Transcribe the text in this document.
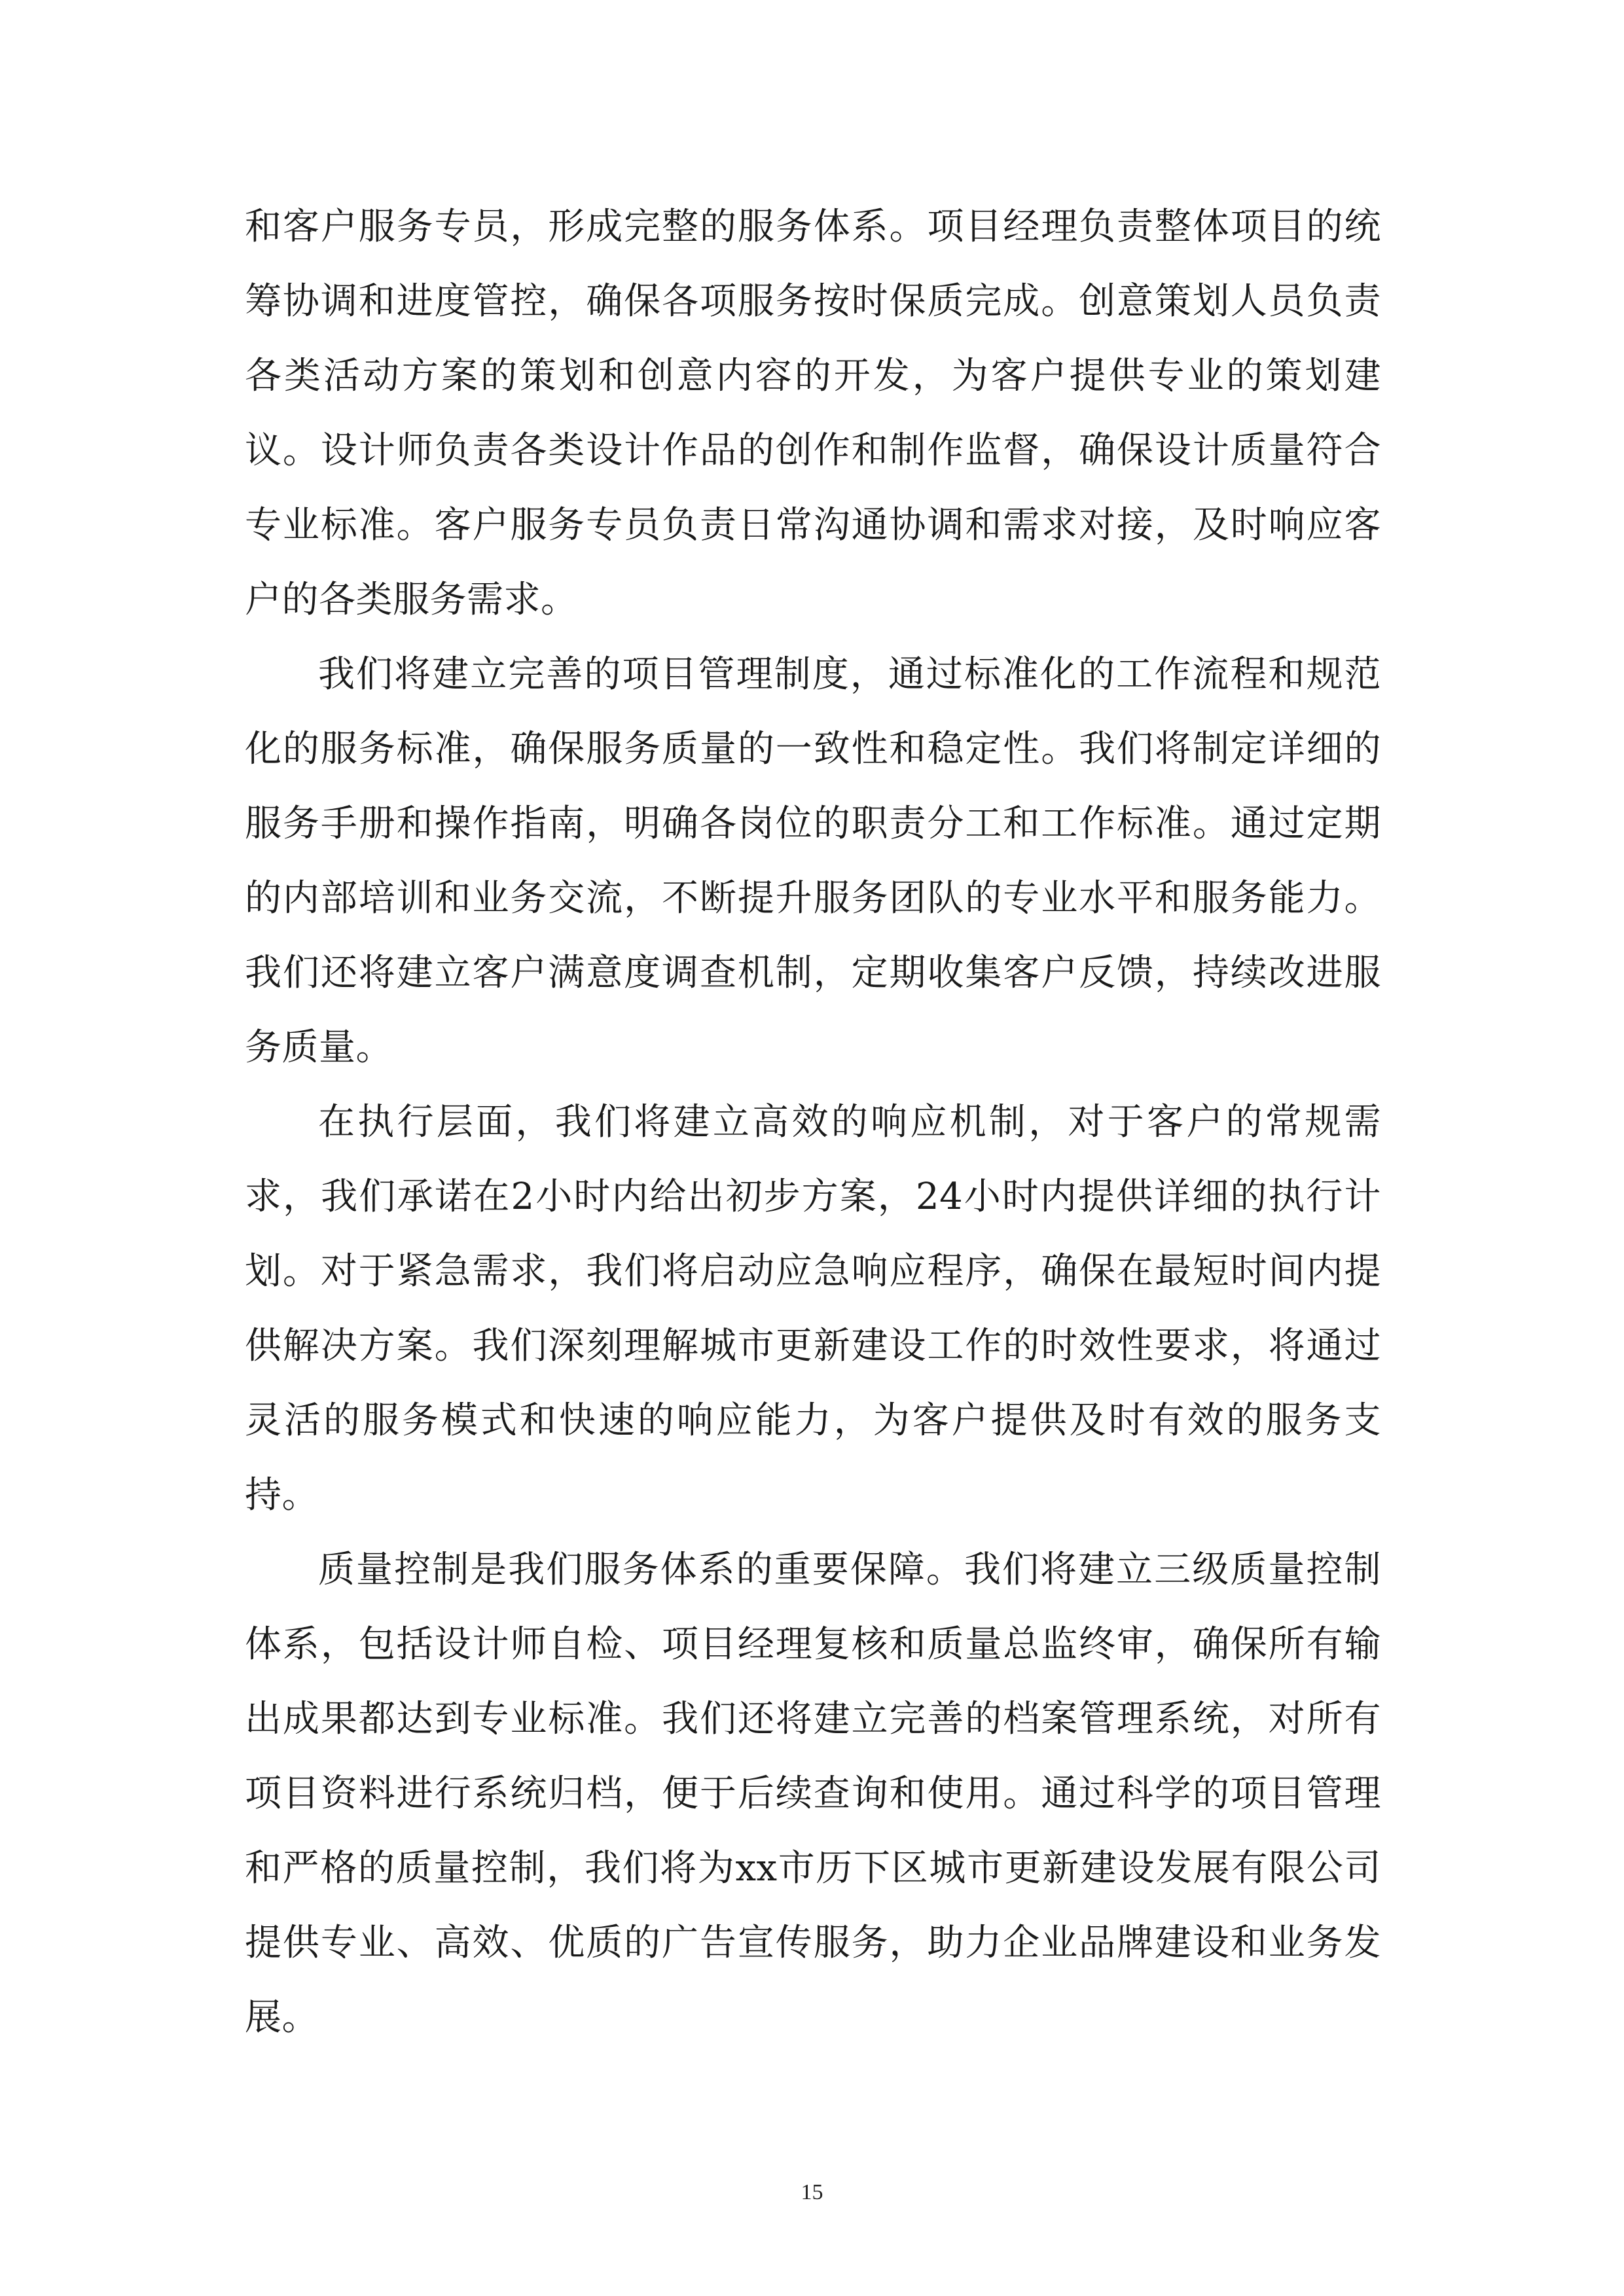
和客户服务专员，形成完整的服务体系。项目经理负责整体项目的统筹协调和进度管控，确保各项服务按时保质完成。创意策划人员负责各类活动方案的策划和创意内容的开发，为客户提供专业的策划建议。设计师负责各类设计作品的创作和制作监督，确保设计质量符合专业标准。客户服务专员负责日常沟通协调和需求对接，及时响应客户的各类服务需求。

我们将建立完善的项目管理制度，通过标准化的工作流程和规范化的服务标准，确保服务质量的一致性和稳定性。我们将制定详细的服务手册和操作指南，明确各岗位的职责分工和工作标准。通过定期的内部培训和业务交流，不断提升服务团队的专业水平和服务能力。我们还将建立客户满意度调查机制，定期收集客户反馈，持续改进服务质量。

在执行层面，我们将建立高效的响应机制，对于客户的常规需求，我们承诺在2小时内给出初步方案，24小时内提供详细的执行计划。对于紧急需求，我们将启动应急响应程序，确保在最短时间内提供解决方案。我们深刻理解城市更新建设工作的时效性要求，将通过灵活的服务模式和快速的响应能力，为客户提供及时有效的服务支持。

质量控制是我们服务体系的重要保障。我们将建立三级质量控制体系，包括设计师自检、项目经理复核和质量总监终审，确保所有输出成果都达到专业标准。我们还将建立完善的档案管理系统，对所有项目资料进行系统归档，便于后续查询和使用。通过科学的项目管理和严格的质量控制，我们将为xx市历下区城市更新建设发展有限公司提供专业、高效、优质的广告宣传服务，助力企业品牌建设和业务发展。

15
